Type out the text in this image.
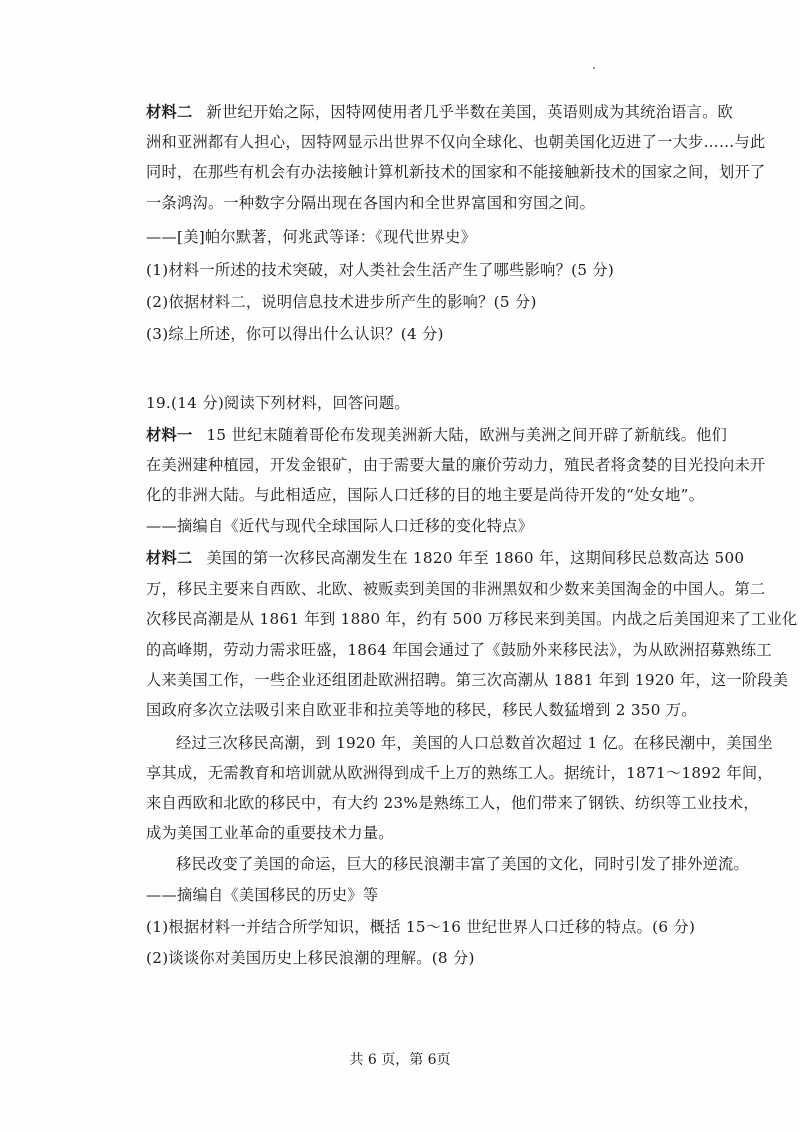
材料二 新世纪开始之际，因特网使用者几乎半数在美国，英语则成为其统治语言。欧
洲和亚洲都有人担心，因特网显示出世界不仅向全球化、也朝美国化迈进了一大步……与此
同时，在那些有机会有办法接触计算机新技术的国家和不能接触新技术的国家之间，划开了
一条鸿沟。一种数字分隔出现在各国内和全世界富国和穷国之间。
——[美]帕尔默著，何兆武等译：《现代世界史》
(1)材料一所述的技术突破，对人类社会生活产生了哪些影响？(5 分)
(2)依据材料二，说明信息技术进步所产生的影响？(5 分)
(3)综上所述，你可以得出什么认识？(4 分)
19.(14 分)阅读下列材料，回答问题。
材料一 15 世纪末随着哥伦布发现美洲新大陆，欧洲与美洲之间开辟了新航线。他们
在美洲建种植园，开发金银矿，由于需要大量的廉价劳动力，殖民者将贪婪的目光投向未开
化的非洲大陆。与此相适应，国际人口迁移的目的地主要是尚待开发的“处女地”。
——摘编自《近代与现代全球国际人口迁移的变化特点》
材料二 美国的第一次移民高潮发生在 1820 年至 1860 年，这期间移民总数高达 500
万，移民主要来自西欧、北欧、被贩卖到美国的非洲黑奴和少数来美国淘金的中国人。第二
次移民高潮是从 1861 年到 1880 年，约有 500 万移民来到美国。内战之后美国迎来了工业化
的高峰期，劳动力需求旺盛，1864 年国会通过了《鼓励外来移民法》，为从欧洲招募熟练工
人来美国工作，一些企业还组团赴欧洲招聘。第三次高潮从 1881 年到 1920 年，这一阶段美
国政府多次立法吸引来自欧亚非和拉美等地的移民，移民人数猛增到 2 350 万。
经过三次移民高潮，到 1920 年，美国的人口总数首次超过 1 亿。在移民潮中，美国坐
享其成，无需教育和培训就从欧洲得到成千上万的熟练工人。据统计，1871～1892 年间，
来自西欧和北欧的移民中，有大约 23%是熟练工人，他们带来了钢铁、纺织等工业技术，
成为美国工业革命的重要技术力量。
移民改变了美国的命运，巨大的移民浪潮丰富了美国的文化，同时引发了排外逆流。
——摘编自《美国移民的历史》等
(1)根据材料一并结合所学知识，概括 15～16 世纪世界人口迁移的特点。(6 分)
(2)谈谈你对美国历史上移民浪潮的理解。(8 分)
共 6 页，第 6页
